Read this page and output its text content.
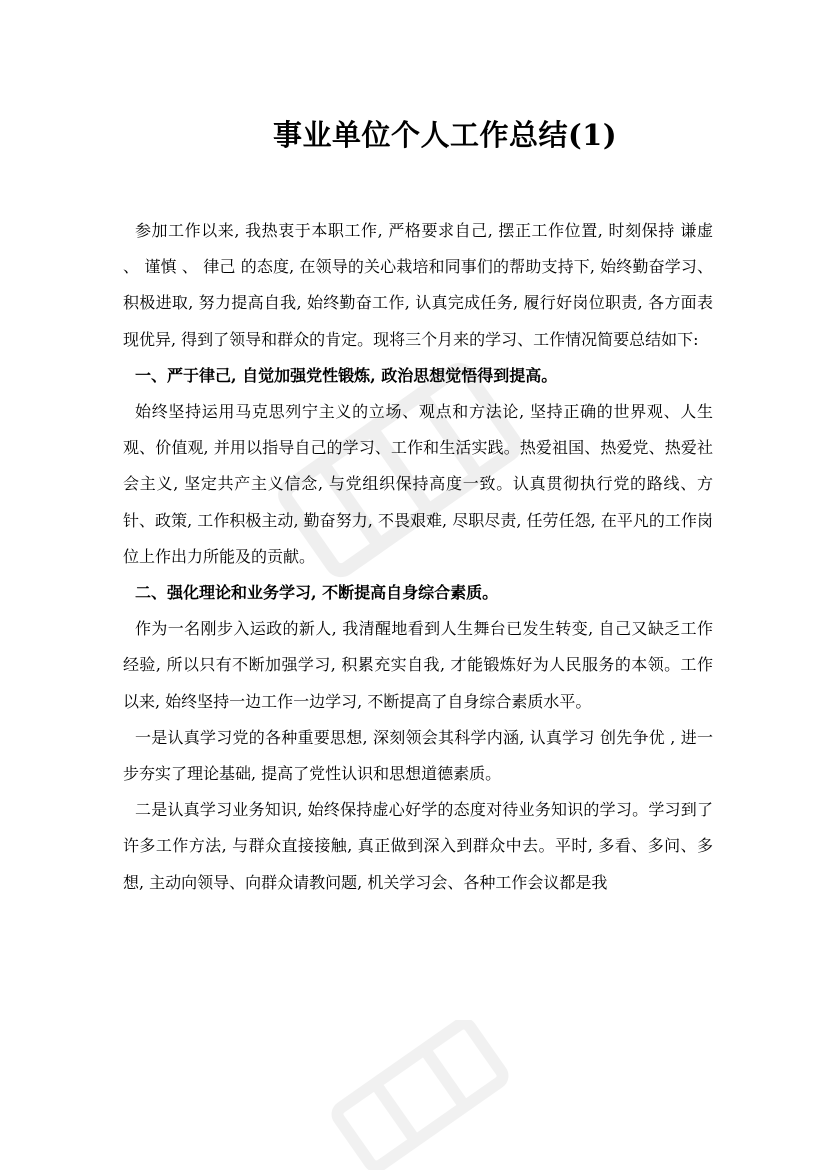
事业单位个人工作总结(1)

参加工作以来, 我热衷于本职工作, 严格要求自己, 摆正工作位置, 时刻保持 谦虚 、 谨慎 、 律己 的态度, 在领导的关心栽培和同事们的帮助支持下, 始终勤奋学习、积极进取, 努力提高自我, 始终勤奋工作, 认真完成任务, 履行好岗位职责, 各方面表现优异, 得到了领导和群众的肯定。现将三个月来的学习、工作情况简要总结如下:

一、严于律己, 自觉加强党性锻炼, 政治思想觉悟得到提高。

始终坚持运用马克思列宁主义的立场、观点和方法论, 坚持正确的世界观、人生观、价值观, 并用以指导自己的学习、工作和生活实践。热爱祖国、热爱党、热爱社会主义, 坚定共产主义信念, 与党组织保持高度一致。认真贯彻执行党的路线、方针、政策, 工作积极主动, 勤奋努力, 不畏艰难, 尽职尽责, 任劳任怨, 在平凡的工作岗位上作出力所能及的贡献。

二、强化理论和业务学习, 不断提高自身综合素质。

作为一名刚步入运政的新人, 我清醒地看到人生舞台已发生转变, 自己又缺乏工作经验, 所以只有不断加强学习, 积累充实自我, 才能锻炼好为人民服务的本领。工作以来, 始终坚持一边工作一边学习, 不断提高了自身综合素质水平。

一是认真学习党的各种重要思想, 深刻领会其科学内涵, 认真学习 创先争优 , 进一步夯实了理论基础, 提高了党性认识和思想道德素质。

二是认真学习业务知识, 始终保持虚心好学的态度对待业务知识的学习。学习到了许多工作方法, 与群众直接接触, 真正做到深入到群众中去。平时, 多看、多问、多想, 主动向领导、向群众请教问题, 机关学习会、各种工作会议都是我
